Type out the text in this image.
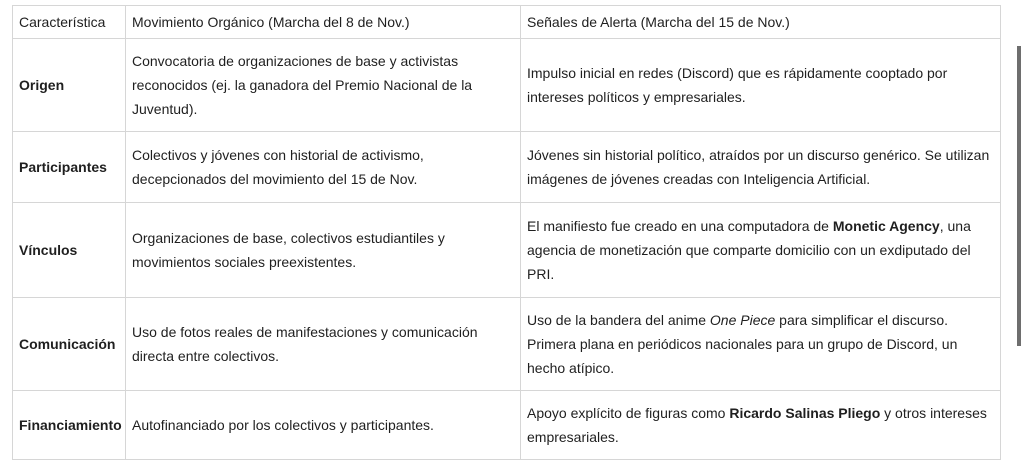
Característica	Movimiento Orgánico (Marcha del 8 de Nov.)	Señales de Alerta (Marcha del 15 de Nov.)
Origen	Convocatoria de organizaciones de base y activistas reconocidos (ej. la ganadora del Premio Nacional de la Juventud).	Impulso inicial en redes (Discord) que es rápidamente cooptado por intereses políticos y empresariales.
Participantes	Colectivos y jóvenes con historial de activismo, decepcionados del movimiento del 15 de Nov.	Jóvenes sin historial político, atraídos por un discurso genérico. Se utilizan imágenes de jóvenes creadas con Inteligencia Artificial.
Vínculos	Organizaciones de base, colectivos estudiantiles y movimientos sociales preexistentes.	El manifiesto fue creado en una computadora de Monetic Agency, una agencia de monetización que comparte domicilio con un exdiputado del PRI.
Comunicación	Uso de fotos reales de manifestaciones y comunicación directa entre colectivos.	Uso de la bandera del anime One Piece para simplificar el discurso. Primera plana en periódicos nacionales para un grupo de Discord, un hecho atípico.
Financiamiento	Autofinanciado por los colectivos y participantes.	Apoyo explícito de figuras como Ricardo Salinas Pliego y otros intereses empresariales.
